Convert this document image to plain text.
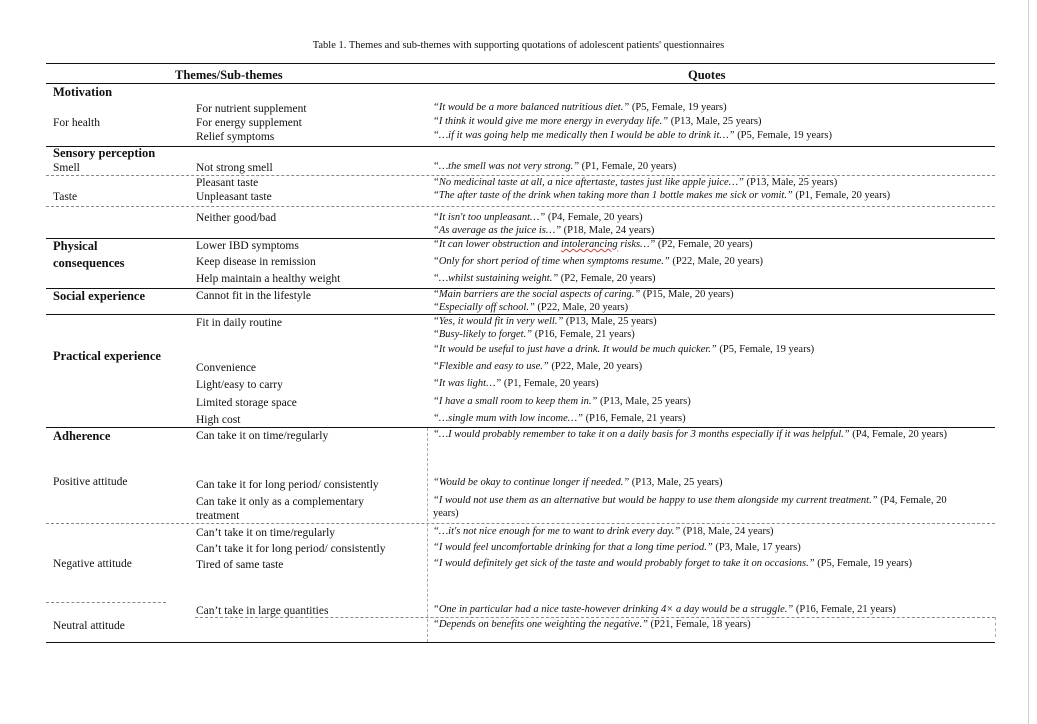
Table 1. Themes and sub-themes with supporting quotations of adolescent patients' questionnaires
Themes/Sub-themes	Quotes
Motivation
For health
Sensory perception
Smell
Taste
Physical
consequences
Social experience
Practical experience
Adherence
Positive attitude
Negative attitude
Neutral attitude
For nutrient supplement
For energy supplement
Relief symptoms
Not strong smell
Pleasant taste
Unpleasant taste
Neither good/bad
Lower IBD symptoms
Keep disease in remission
Help maintain a healthy weight
Cannot fit in the lifestyle
Fit in daily routine
Convenience
Light/easy to carry
Limited storage space
High cost
Can take it on time/regularly
Can take it for long period/ consistently
Can take it only as a complementary
treatment
Can’t take it on time/regularly
Can’t take it for long period/ consistently
Tired of same taste
Can’t take in large quantities
“It would be a more balanced nutritious diet.” (P5, Female, 19 years)
“I think it would give me more energy in everyday life.” (P13, Male, 25 years)
“…if it was going help me medically then I would be able to drink it…” (P5, Female, 19 years)
“…the smell was not very strong.” (P1, Female, 20 years)
“No medicinal taste at all, a nice aftertaste, tastes just like apple juice…” (P13, Male, 25 years)
“The after taste of the drink when taking more than 1 bottle makes me sick or vomit.” (P1, Female, 20 years)
“It isn't too unpleasant…” (P4, Female, 20 years)
“As average as the juice is…” (P18, Male, 24 years)
“It can lower obstruction and intolerancing risks…” (P2, Female, 20 years)
“Only for short period of time when symptoms resume.” (P22, Male, 20 years)
“…whilst sustaining weight.” (P2, Female, 20 years)
“Main barriers are the social aspects of caring.” (P15, Male, 20 years)
“Especially off school.” (P22, Male, 20 years)
“Yes, it would fit in very well.” (P13, Male, 25 years)
“Busy-likely to forget.” (P16, Female, 21 years)
“It would be useful to just have a drink. It would be much quicker.” (P5, Female, 19 years)
“Flexible and easy to use.” (P22, Male, 20 years)
“It was light…” (P1, Female, 20 years)
“I have a small room to keep them in.” (P13, Male, 25 years)
“…single mum with low income…” (P16, Female, 21 years)
“…I would probably remember to take it on a daily basis for 3 months especially if it was helpful.” (P4, Female, 20 years)
“Would be okay to continue longer if needed.” (P13, Male, 25 years)
“I would not use them as an alternative but would be happy to use them alongside my current treatment.” (P4, Female, 20
years)
“…it's not nice enough for me to want to drink every day.” (P18, Male, 24 years)
“I would feel uncomfortable drinking for that a long time period.” (P3, Male, 17 years)
“I would definitely get sick of the taste and would probably forget to take it on occasions.” (P5, Female, 19 years)
“One in particular had a nice taste-however drinking 4× a day would be a struggle.” (P16, Female, 21 years)
“Depends on benefits one weighting the negative.” (P21, Female, 18 years)
